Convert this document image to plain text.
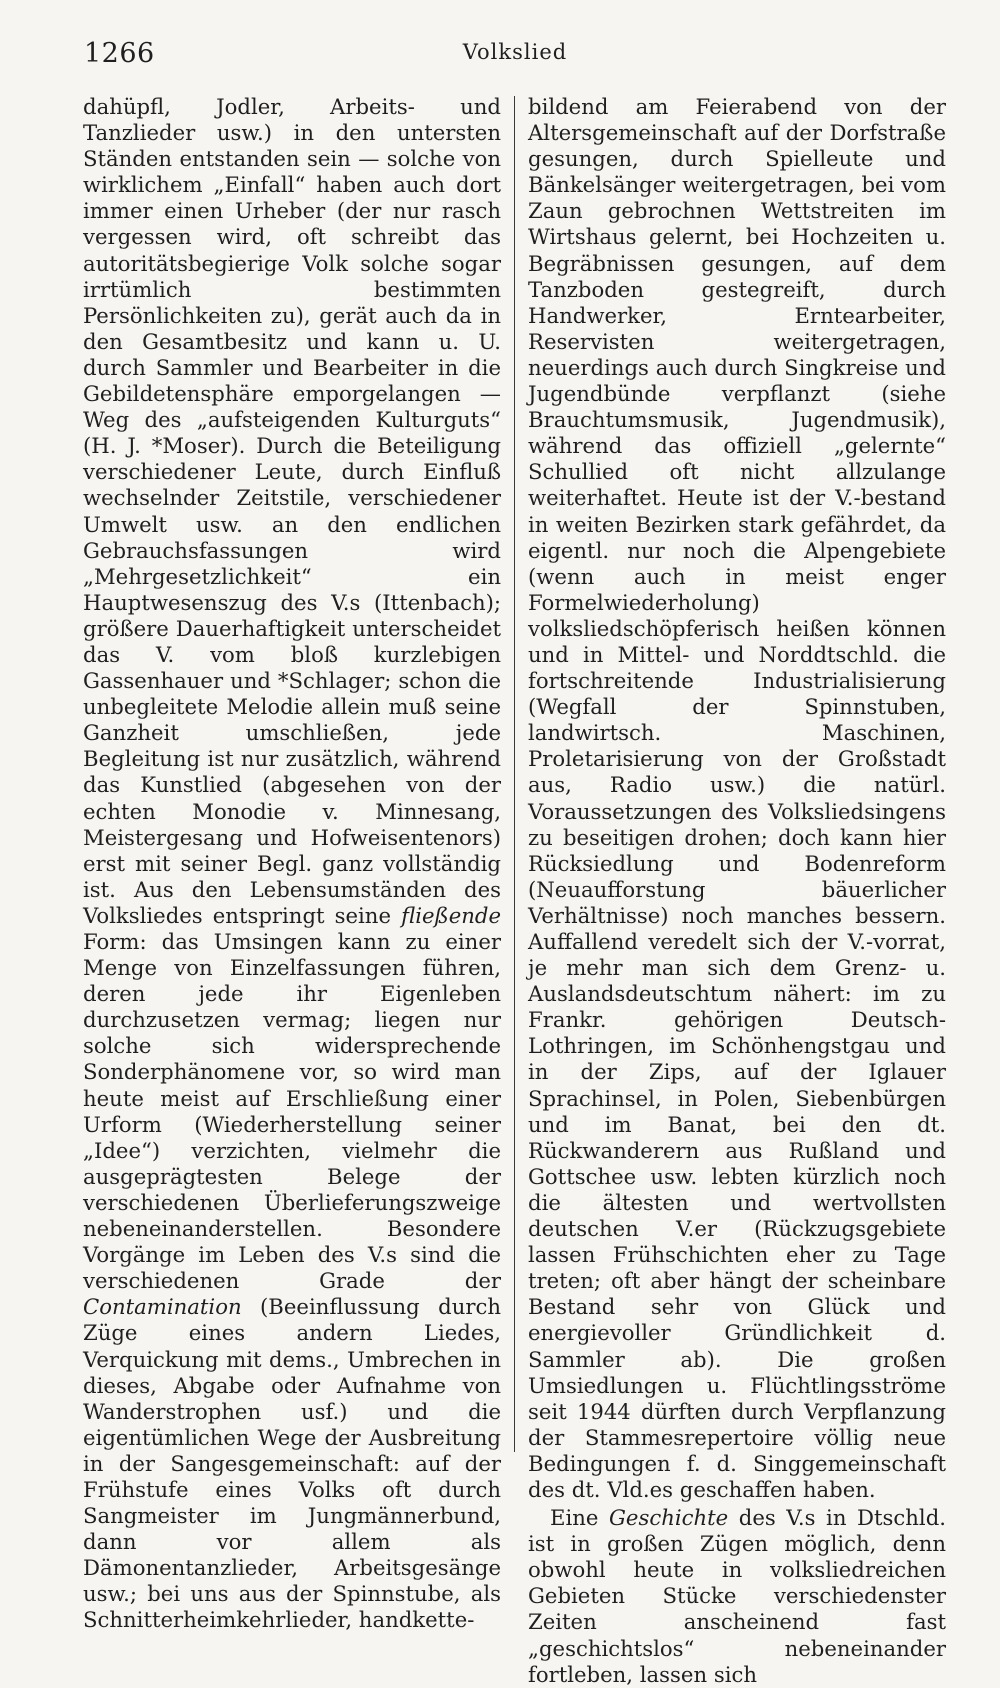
1266	Volkslied

dahüpfl, Jodler, Arbeits- und Tanzlieder usw.) in den untersten Ständen entstanden sein — solche von wirklichem „Einfall“ haben auch dort immer einen Urheber (der nur rasch vergessen wird, oft schreibt das autoritätsbegierige Volk solche sogar irrtümlich bestimmten Persönlichkeiten zu), gerät auch da in den Gesamtbesitz und kann u. U. durch Sammler und Bearbeiter in die Gebildetensphäre emporgelangen — Weg des „aufsteigenden Kulturguts“ (H. J. *Moser). Durch die Beteiligung verschiedener Leute, durch Einfluß wechselnder Zeitstile, verschiedener Umwelt usw. an den endlichen Gebrauchsfassungen wird „Mehrgesetzlichkeit“ ein Hauptwesenszug des V.s (Ittenbach); größere Dauerhaftigkeit unterscheidet das V. vom bloß kurzlebigen Gassenhauer und *Schlager; schon die unbegleitete Melodie allein muß seine Ganzheit umschließen, jede Begleitung ist nur zusätzlich, während das Kunstlied (abgesehen von der echten Monodie v. Minnesang, Meistergesang und Hofweisentenors) erst mit seiner Begl. ganz vollständig ist. Aus den Lebensumständen des Volksliedes entspringt seine fließende Form: das Umsingen kann zu einer Menge von Einzelfassungen führen, deren jede ihr Eigenleben durchzusetzen vermag; liegen nur solche sich widersprechende Sonderphänomene vor, so wird man heute meist auf Erschließung einer Urform (Wiederherstellung seiner „Idee“) verzichten, vielmehr die ausgeprägtesten Belege der verschiedenen Überlieferungszweige nebeneinanderstellen. Besondere Vorgänge im Leben des V.s sind die verschiedenen Grade der Contamination (Beeinflussung durch Züge eines andern Liedes, Verquickung mit dems., Umbrechen in dieses, Abgabe oder Aufnahme von Wanderstrophen usf.) und die eigentümlichen Wege der Ausbreitung in der Sangesgemeinschaft: auf der Frühstufe eines Volks oft durch Sangmeister im Jungmännerbund, dann vor allem als Dämonentanzlieder, Arbeitsgesänge usw.; bei uns aus der Spinnstube, als Schnitterheimkehrlieder, handkette-

bildend am Feierabend von der Altersgemeinschaft auf der Dorfstraße gesungen, durch Spielleute und Bänkelsänger weitergetragen, bei vom Zaun gebrochnen Wettstreiten im Wirtshaus gelernt, bei Hochzeiten u. Begräbnissen gesungen, auf dem Tanzboden gestegreift, durch Handwerker, Erntearbeiter, Reservisten weitergetragen, neuerdings auch durch Singkreise und Jugendbünde verpflanzt (siehe Brauchtumsmusik, Jugendmusik), während das offiziell „gelernte“ Schullied oft nicht allzulange weiterhaftet. Heute ist der V.-bestand in weiten Bezirken stark gefährdet, da eigentl. nur noch die Alpengebiete (wenn auch in meist enger Formelwiederholung) volksliedschöpferisch heißen können und in Mittel- und Norddtschld. die fortschreitende Industrialisierung (Wegfall der Spinnstuben, landwirtsch. Maschinen, Proletarisierung von der Großstadt aus, Radio usw.) die natürl. Voraussetzungen des Volksliedsingens zu beseitigen drohen; doch kann hier Rücksiedlung und Bodenreform (Neuaufforstung bäuerlicher Verhältnisse) noch manches bessern. Auffallend veredelt sich der V.-vorrat, je mehr man sich dem Grenz- u. Auslandsdeutschtum nähert: im zu Frankr. gehörigen Deutsch-Lothringen, im Schönhengstgau und in der Zips, auf der Iglauer Sprachinsel, in Polen, Siebenbürgen und im Banat, bei den dt. Rückwanderern aus Rußland und Gottschee usw. lebten kürzlich noch die ältesten und wertvollsten deutschen V.er (Rückzugsgebiete lassen Frühschichten eher zu Tage treten; oft aber hängt der scheinbare Bestand sehr von Glück und energievoller Gründlichkeit d. Sammler ab). Die großen Umsiedlungen u. Flüchtlingsströme seit 1944 dürften durch Verpflanzung der Stammesrepertoire völlig neue Bedingungen f. d. Singgemeinschaft des dt. Vld.es geschaffen haben.

Eine Geschichte des V.s in Dtschld. ist in großen Zügen möglich, denn obwohl heute in volksliedreichen Gebieten Stücke verschiedenster Zeiten anscheinend fast „geschichtslos“ nebeneinander fortleben, lassen sich
